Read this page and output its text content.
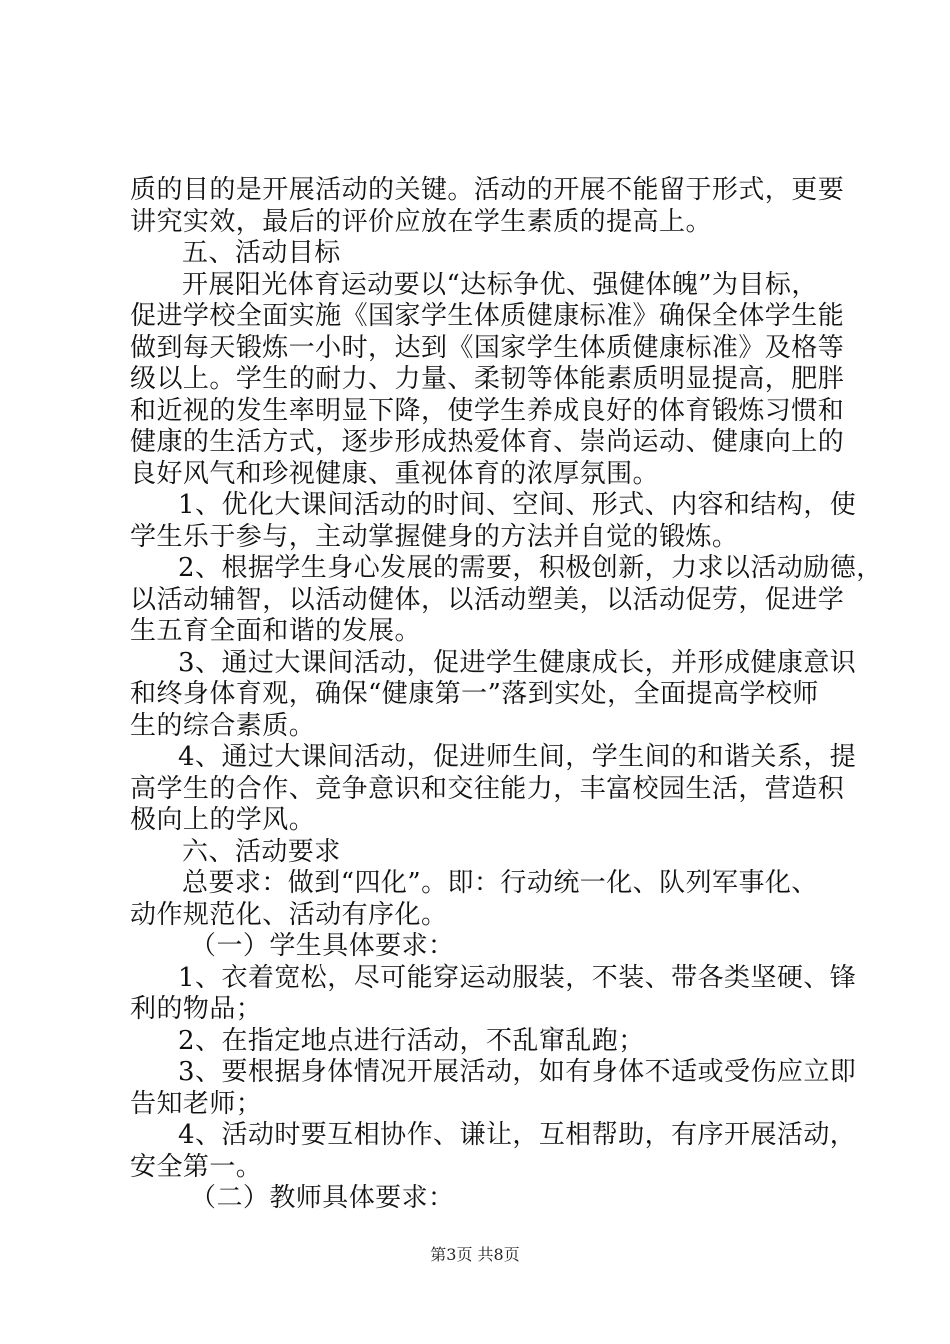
质的目的是开展活动的关键。活动的开展不能留于形式，更要
讲究实效，最后的评价应放在学生素质的提高上。
五、活动目标
开展阳光体育运动要以“达标争优、强健体魄”为目标，
促进学校全面实施《国家学生体质健康标准》确保全体学生能
做到每天锻炼一小时，达到《国家学生体质健康标准》及格等
级以上。学生的耐力、力量、柔韧等体能素质明显提高，肥胖
和近视的发生率明显下降，使学生养成良好的体育锻炼习惯和
健康的生活方式，逐步形成热爱体育、崇尚运动、健康向上的
良好风气和珍视健康、重视体育的浓厚氛围。
1、优化大课间活动的时间、空间、形式、内容和结构，使
学生乐于参与，主动掌握健身的方法并自觉的锻炼。
2、根据学生身心发展的需要，积极创新，力求以活动励德，
以活动辅智，以活动健体，以活动塑美，以活动促劳，促进学
生五育全面和谐的发展。
3、通过大课间活动，促进学生健康成长，并形成健康意识
和终身体育观，确保“健康第一”落到实处，全面提高学校师
生的综合素质。
4、通过大课间活动，促进师生间，学生间的和谐关系，提
高学生的合作、竞争意识和交往能力，丰富校园生活，营造积
极向上的学风。
六、活动要求
总要求：做到“四化”。即：行动统一化、队列军事化、
动作规范化、活动有序化。
（一）学生具体要求：
1、衣着宽松，尽可能穿运动服装，不装、带各类坚硬、锋
利的物品；
2、在指定地点进行活动，不乱窜乱跑；
3、要根据身体情况开展活动，如有身体不适或受伤应立即
告知老师；
4、活动时要互相协作、谦让，互相帮助，有序开展活动，
安全第一。
（二）教师具体要求：
第3页 共8页
